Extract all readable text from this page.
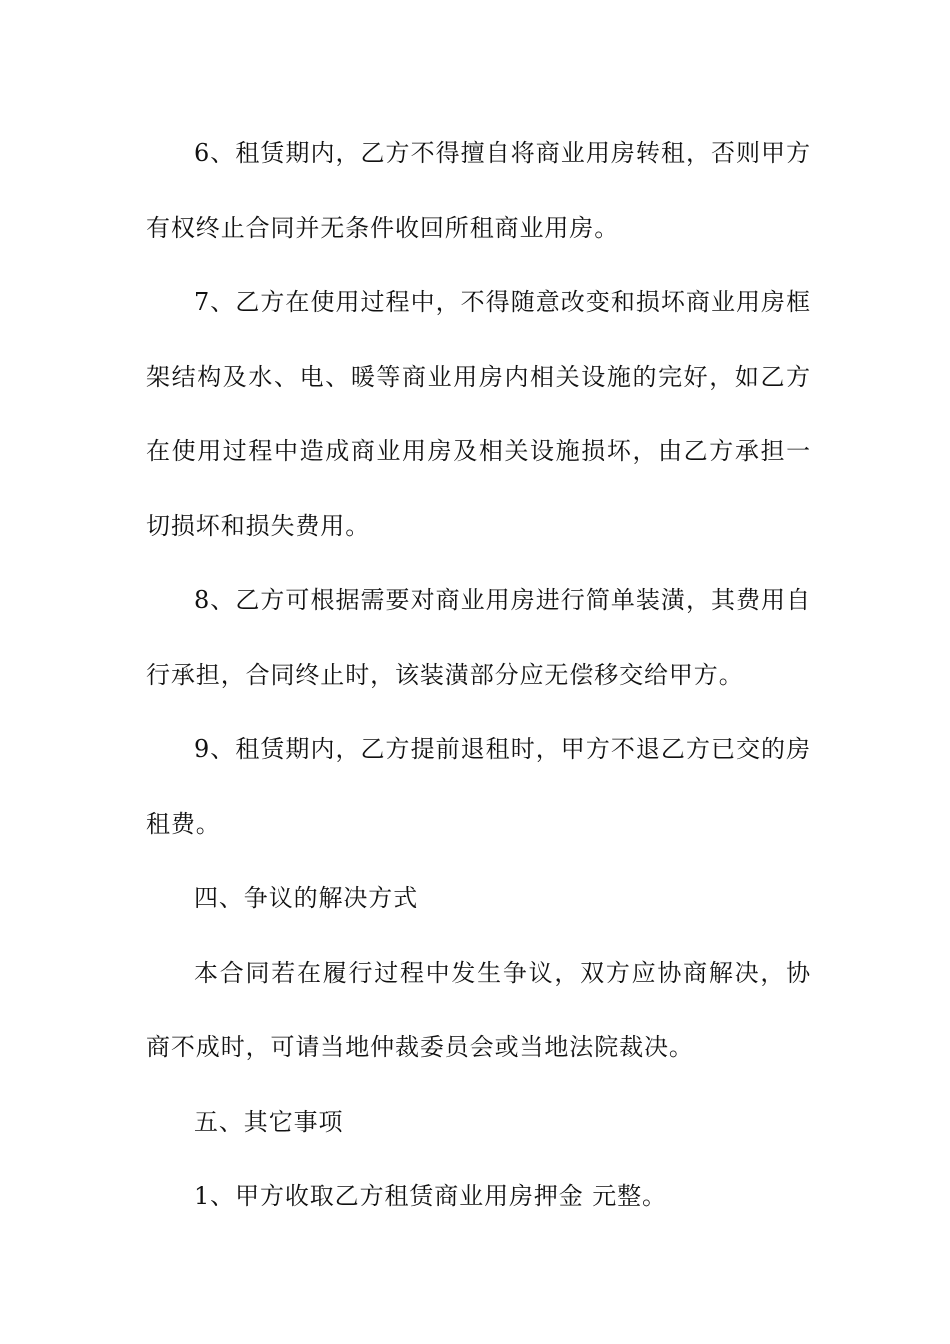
6、租赁期内，乙方不得擅自将商业用房转租，否则甲方有权终止合同并无条件收回所租商业用房。

7、乙方在使用过程中，不得随意改变和损坏商业用房框架结构及水、电、暖等商业用房内相关设施的完好，如乙方在使用过程中造成商业用房及相关设施损坏，由乙方承担一切损坏和损失费用。

8、乙方可根据需要对商业用房进行简单装潢，其费用自行承担，合同终止时，该装潢部分应无偿移交给甲方。

9、租赁期内，乙方提前退租时，甲方不退乙方已交的房租费。

四、争议的解决方式

本合同若在履行过程中发生争议，双方应协商解决，协商不成时，可请当地仲裁委员会或当地法院裁决。

五、其它事项

1、甲方收取乙方租赁商业用房押金 元整。
